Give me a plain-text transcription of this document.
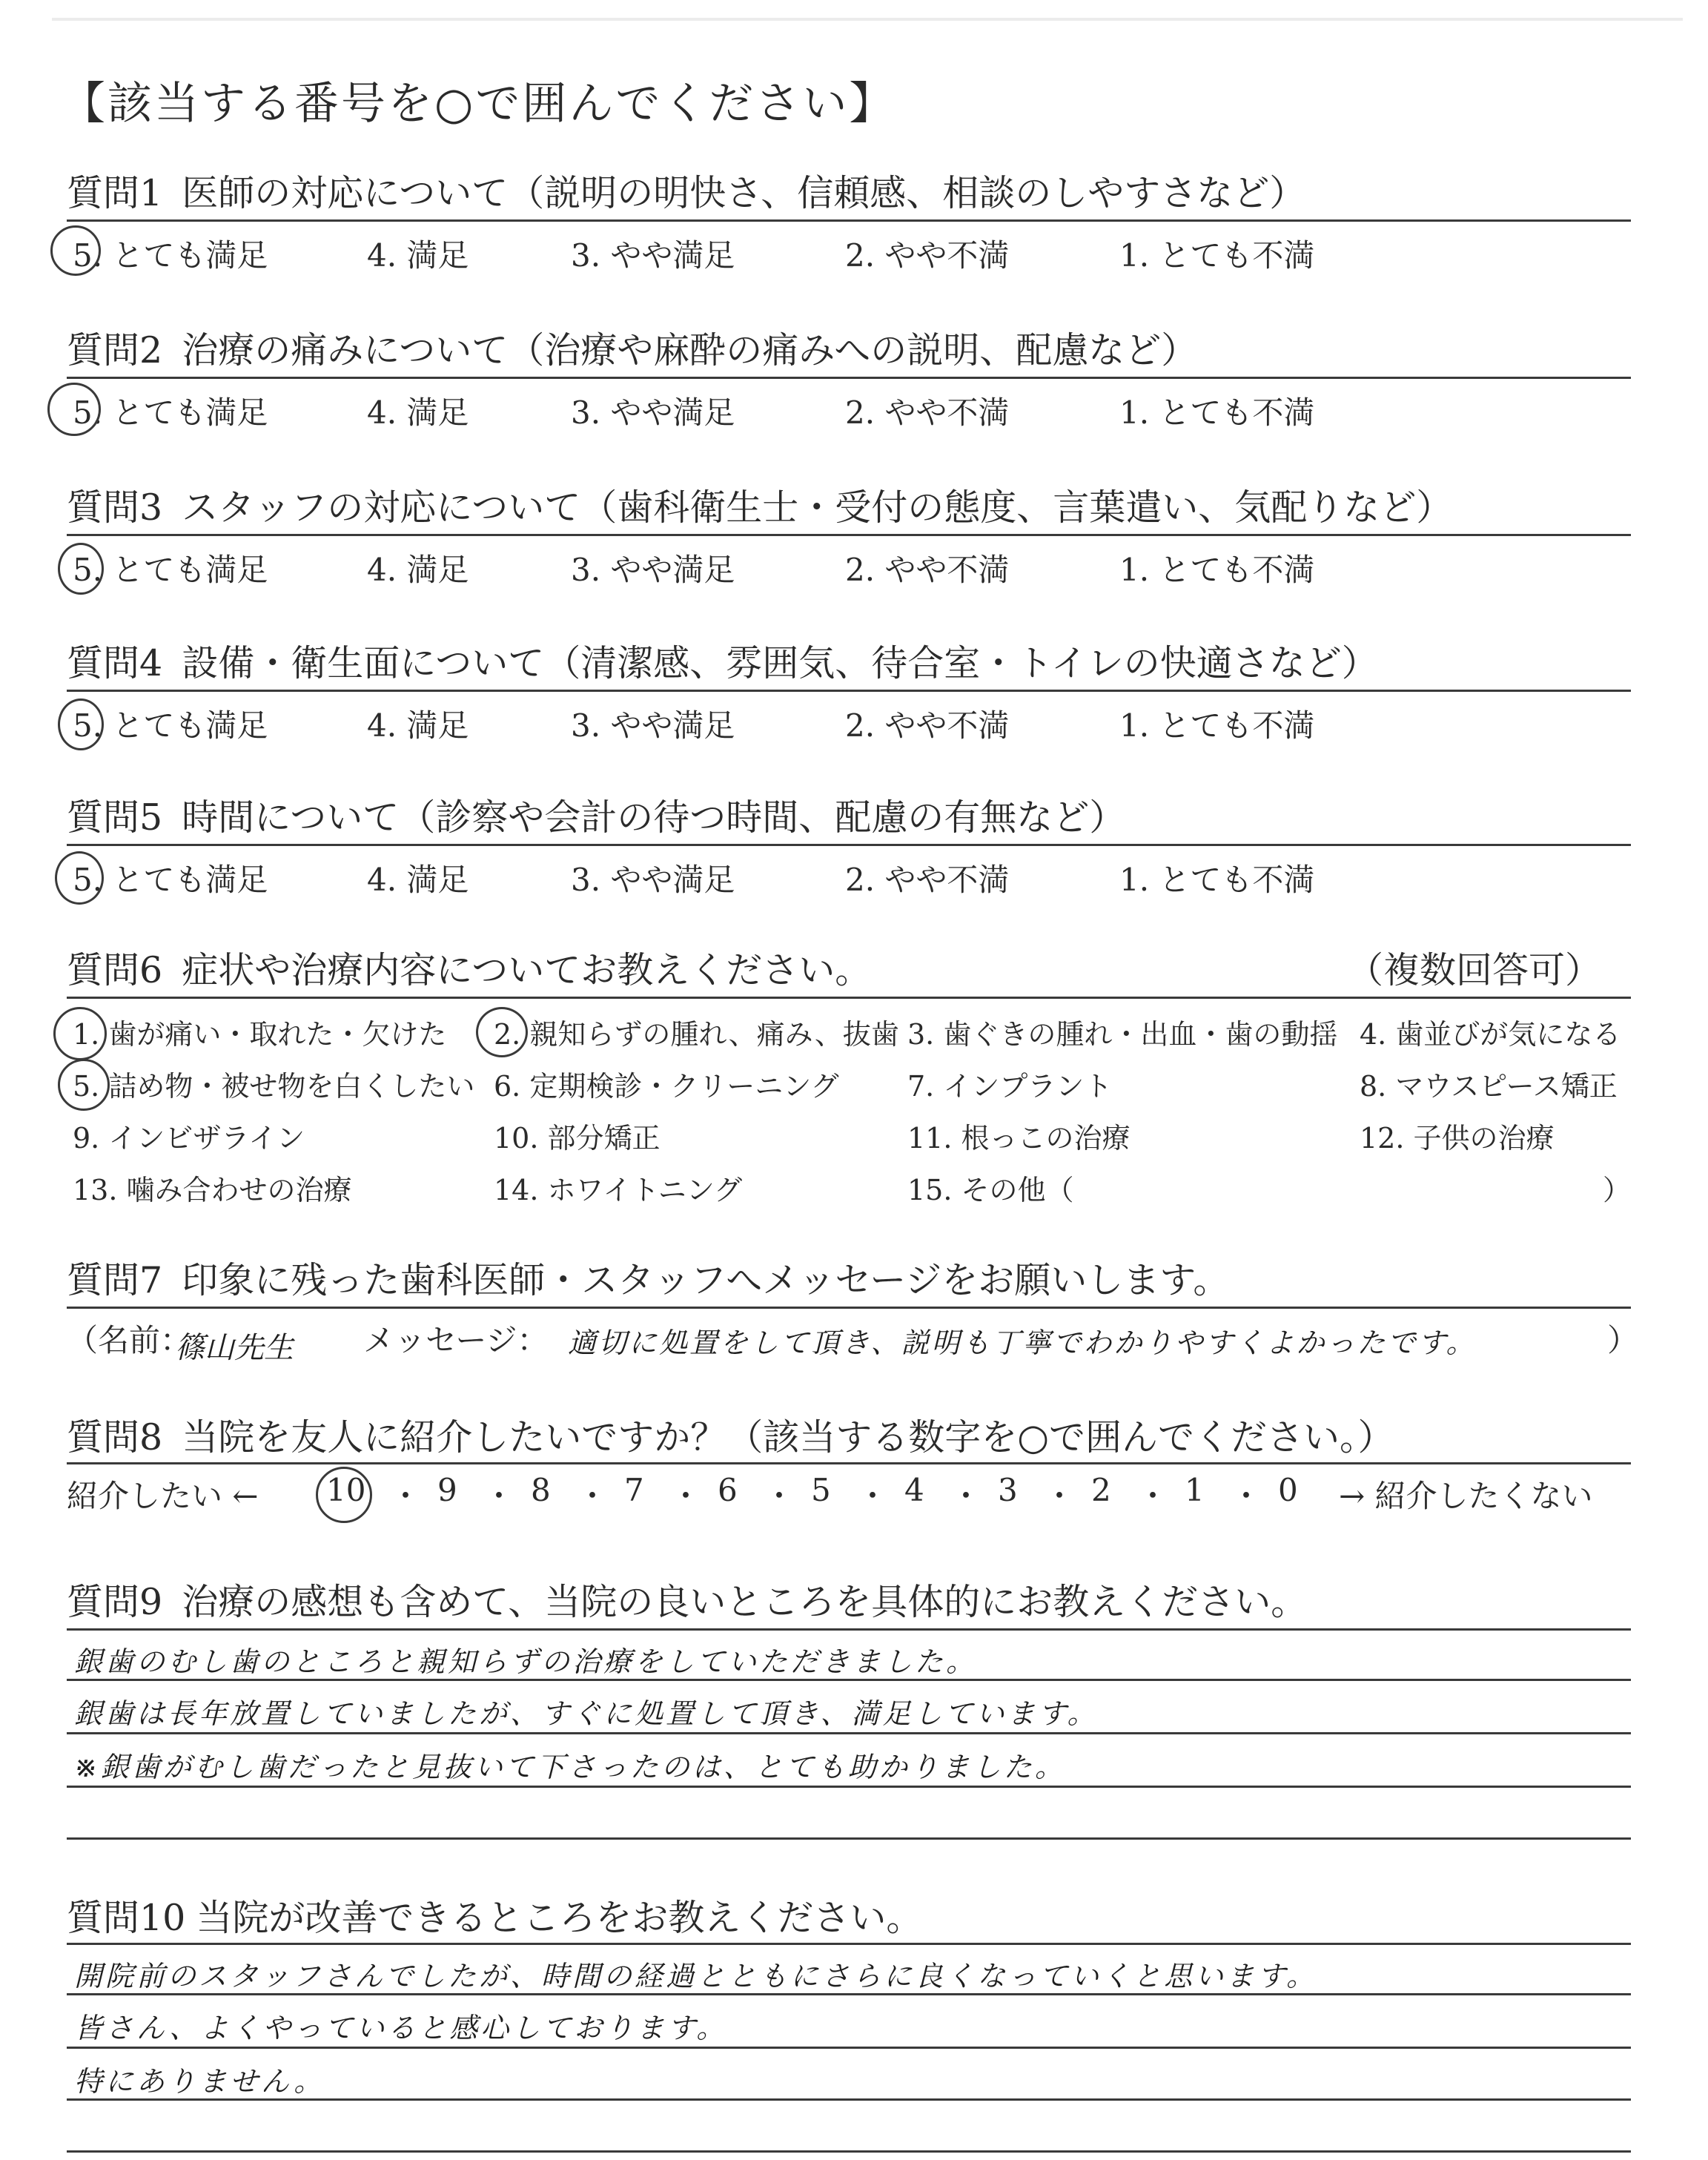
【該当する番号を○で囲んでください】
質問1 医師の対応について（説明の明快さ、信頼感、相談のしやすさなど）
5. とても満足	4. 満足	3. やや満足	2. やや不満	1. とても不満
質問2 治療の痛みについて（治療や麻酔の痛みへの説明、配慮など）
5. とても満足	4. 満足	3. やや満足	2. やや不満	1. とても不満
質問3 スタッフの対応について（歯科衛生士・受付の態度、言葉遣い、気配りなど）
5. とても満足	4. 満足	3. やや満足	2. やや不満	1. とても不満
質問4 設備・衛生面について（清潔感、雰囲気、待合室・トイレの快適さなど）
5. とても満足	4. 満足	3. やや満足	2. やや不満	1. とても不満
質問5 時間について（診察や会計の待つ時間、配慮の有無など）
5. とても満足	4. 満足	3. やや満足	2. やや不満	1. とても不満
質問6 症状や治療内容についてお教えください。	（複数回答可）
1. 歯が痛い・取れた・欠けた 2. 親知らずの腫れ、痛み、抜歯 3. 歯ぐきの腫れ・出血・歯の動揺 4. 歯並びが気になる
5. 詰め物・被せ物を白くしたい 6. 定期検診・クリーニング 7. インプラント	8. マウスピース矯正
9. インビザライン	10. 部分矯正	11. 根っこの治療	12. 子供の治療
13. 噛み合わせの治療	14. ホワイトニング	15. その他（	）
質問7 印象に残った歯科医師・スタッフへメッセージをお願いします。
（名前：
篠山先生 メッセージ： 適切に処置をして頂き、説明も丁寧でわかりやすくよかったです。	）
質問8 当院を友人に紹介したいですか？（該当する数字を○で囲んでください。）
紹介したい ← 10 ・ 9 ・ 8 ・ 7 ・ 6 ・ 5 ・ 4 ・ 3 ・ 2 ・ 1 ・ 0 → 紹介したくない
質問9 治療の感想も含めて、当院の良いところを具体的にお教えください。
銀歯のむし歯のところと親知らずの治療をしていただきました。
銀歯は長年放置していましたが、すぐに処置して頂き、満足しています。
※銀歯がむし歯だったと見抜いて下さったのは、とても助かりました。
質問10 当院が改善できるところをお教えください。
開院前のスタッフさんでしたが、時間の経過とともにさらに良くなっていくと思います。
皆さん、よくやっていると感心しております。
特にありません。
